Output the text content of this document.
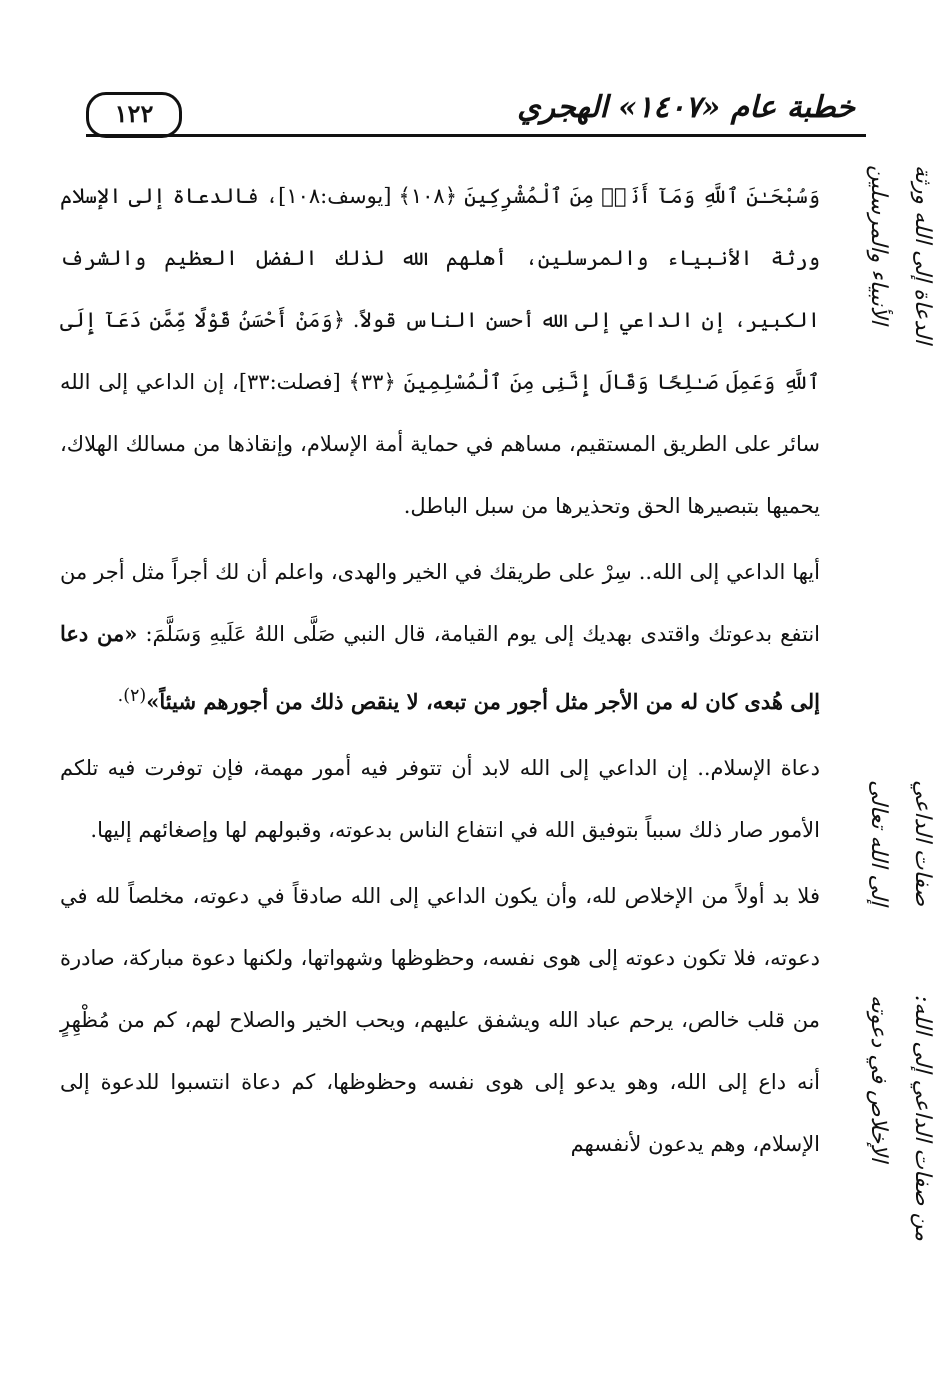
١٢٢	خطبة عام «١٤٠٧» الهجري

وَسُبْحَـٰنَ ٱللَّهِ وَمَآ أَنَا۠ مِنَ ٱلْمُشْرِكِينَ ﴿١٠٨﴾ [يوسف:١٠٨]، فالدعاة إلى الإسلام ورثة الأنبياء والمرسلين، أهلهم الله لذلك الفضل العظيم والشرف الكبير، إن الداعي إلى الله أحسن الناس قولاً. ﴿وَمَنْ أَحْسَنُ قَوْلًا مِّمَّن دَعَآ إِلَى ٱللَّهِ وَعَمِلَ صَـٰلِحًا وَقَالَ إِنَّنِى مِنَ ٱلْمُسْلِمِينَ ﴿٣٣﴾ [فصلت:٣٣]، إن الداعي إلى الله سائر على الطريق المستقيم، مساهم في حماية أمة الإسلام، وإنقاذها من مسالك الهلاك، يحميها بتبصيرها الحق وتحذيرها من سبل الباطل.

أيها الداعي إلى الله.. سِرْ على طريقك في الخير والهدى، واعلم أن لك أجراً مثل أجر من انتفع بدعوتك واقتدى بهديك إلى يوم القيامة، قال النبي صَلَّى اللهُ عَلَيهِ وَسَلَّمَ: «من دعا إلى هُدى كان له من الأجر مثل أجور من تبعه، لا ينقص ذلك من أجورهم شيئاً»$^{(٢).}$

دعاة الإسلام.. إن الداعي إلى الله لابد أن تتوفر فيه أمور مهمة، فإن توفرت فيه تلكم الأمور صار ذلك سبباً بتوفيق الله في انتفاع الناس بدعوته، وقبولهم لها وإصغائهم إليها.

فلا بد أولاً من الإخلاص لله، وأن يكون الداعي إلى الله صادقاً في دعوته، مخلصاً لله في دعوته، فلا تكون دعوته إلى هوى نفسه، وحظوظها وشهواتها، ولكنها دعوة مباركة، صادرة من قلب خالص، يرحم عباد الله ويشفق عليهم، ويحب الخير والصلاح لهم، كم من مُظْهِرٍ أنه داع إلى الله، وهو يدعو إلى هوى نفسه وحظوظها، كم دعاة انتسبوا للدعوة إلى الإسلام، وهم يدعون لأنفسهم

الدعاة إلى الله ورثة
الأنبياء والمرسلين
صفات الداعي
إلى الله تعالى
من صفات الداعي إلى الله:
الإخلاص في دعوته
